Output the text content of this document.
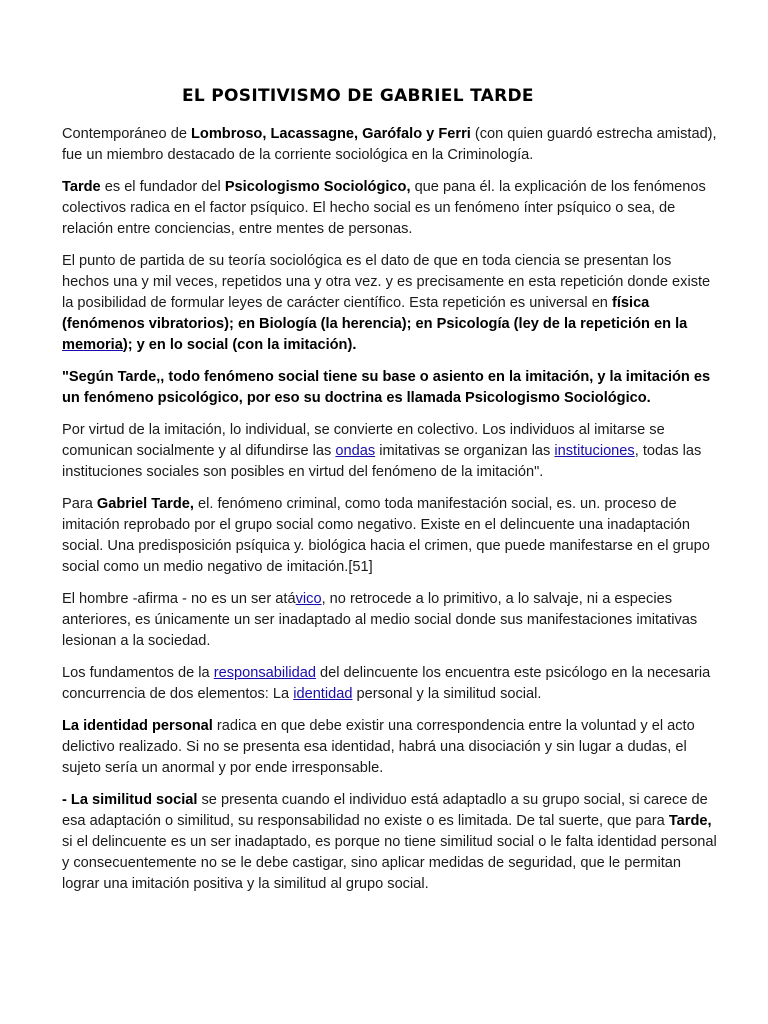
EL POSITIVISMO DE GABRIEL TARDE

Contemporáneo de Lombroso, Lacassagne, Garófalo y Ferri (con quien guardó estrecha amistad), fue un miembro destacado de la corriente sociológica en la Criminología.

Tarde es el fundador del Psicologismo Sociológico, que pana él. la explicación de los fenómenos colectivos radica en el factor psíquico. El hecho social es un fenómeno ínter psíquico o sea, de relación entre conciencias, entre mentes de personas.

El punto de partida de su teoría sociológica es el dato de que en toda ciencia se presentan los hechos una y mil veces, repetidos una y otra vez. y es precisamente en esta repetición donde existe la posibilidad de formular leyes de carácter científico. Esta repetición es universal en física (fenómenos vibratorios); en Biología (la herencia); en Psicología (ley de la repetición en la memoria); y en lo social (con la imitación).

"Según Tarde,, todo fenómeno social tiene su base o asiento en la imitación, y la imitación es un fenómeno psicológico, por eso su doctrina es llamada Psicologismo Sociológico.

Por virtud de la imitación, lo individual, se convierte en colectivo. Los individuos al imitarse se comunican socialmente y al difundirse las ondas imitativas se organizan las instituciones, todas las instituciones sociales son posibles en virtud del fenómeno de la imitación".

Para Gabriel Tarde, el. fenómeno criminal, como toda manifestación social, es. un. proceso de imitación reprobado por el grupo social como negativo. Existe en el delincuente una inadaptación social. Una predisposición psíquica y. biológica hacia el crimen, que puede manifestarse en el grupo social como un medio negativo de imitación.[51]

El hombre -afirma - no es un ser atávico, no retrocede a lo primitivo, a lo salvaje, ni a especies anteriores, es únicamente un ser inadaptado al medio social donde sus manifestaciones imitativas lesionan a la sociedad.

Los fundamentos de la responsabilidad del delincuente los encuentra este psicólogo en la necesaria concurrencia de dos elementos: La identidad personal y la similitud social.

La identidad personal radica en que debe existir una correspondencia entre la voluntad y el acto delictivo realizado. Si no se presenta esa identidad, habrá una disociación y sin lugar a dudas, el sujeto sería un anormal y por ende irresponsable.

- La similitud social se presenta cuando el individuo está adaptadlo a su grupo social, si carece de esa adaptación o similitud, su responsabilidad no existe o es limitada. De tal suerte, que para Tarde, si el delincuente es un ser inadaptado, es porque no tiene similitud social o le falta identidad personal y consecuentemente no se le debe castigar, sino aplicar medidas de seguridad, que le permitan lograr una imitación positiva y la similitud al grupo social.
